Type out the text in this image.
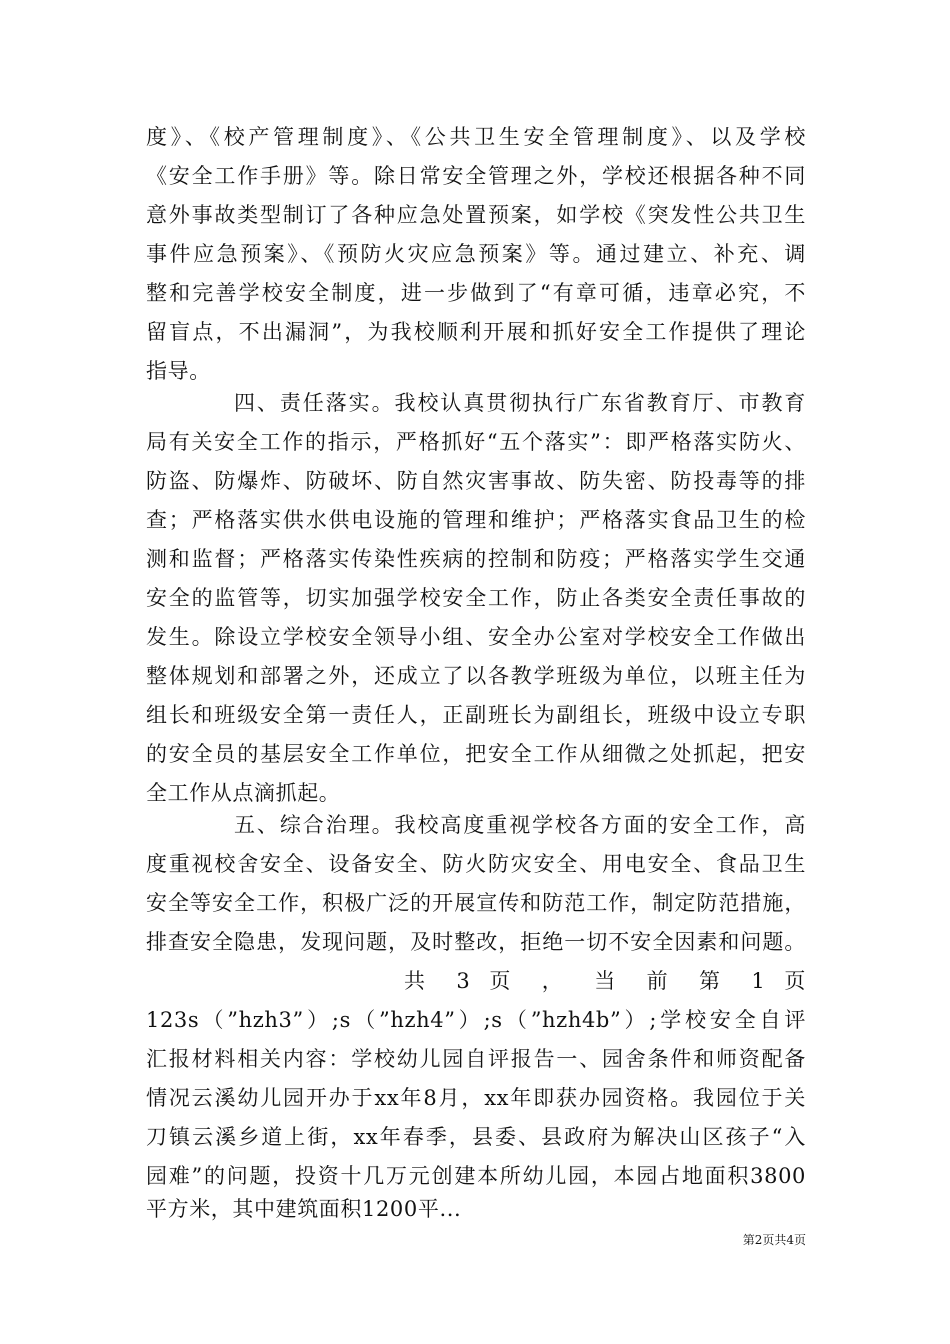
度》、《校产管理制度》、《公共卫生安全管理制度》、以及学校
《安全工作手册》等。除日常安全管理之外，学校还根据各种不同
意外事故类型制订了各种应急处置预案，如学校《突发性公共卫生
事件应急预案》、《预防火灾应急预案》等。通过建立、补充、调
整和完善学校安全制度，进一步做到了“有章可循，违章必究，不
留盲点，不出漏洞”，为我校顺利开展和抓好安全工作提供了理论
指导。
四、责任落实。我校认真贯彻执行广东省教育厅、市教育
局有关安全工作的指示，严格抓好“五个落实”：即严格落实防火、
防盗、防爆炸、防破坏、防自然灾害事故、防失密、防投毒等的排
查；严格落实供水供电设施的管理和维护；严格落实食品卫生的检
测和监督；严格落实传染性疾病的控制和防疫；严格落实学生交通
安全的监管等，切实加强学校安全工作，防止各类安全责任事故的
发生。除设立学校安全领导小组、安全办公室对学校安全工作做出
整体规划和部署之外，还成立了以各教学班级为单位，以班主任为
组长和班级安全第一责任人，正副班长为副组长，班级中设立专职
的安全员的基层安全工作单位，把安全工作从细微之处抓起，把安
全工作从点滴抓起。
五、综合治理。我校高度重视学校各方面的安全工作，高
度重视校舍安全、设备安全、防火防灾安全、用电安全、食品卫生
安全等安全工作，积极广泛的开展宣传和防范工作，制定防范措施，
排查安全隐患，发现问题，及时整改，拒绝一切不安全因素和问题。
共 3 页 ， 当 前 第 1 页
123s（”hzh3”）;s（”hzh4”）;s（”hzh4b”）;学校安全自评
汇报材料相关内容：学校幼儿园自评报告一、园舍条件和师资配备
情况云溪幼儿园开办于xx年8月，xx年即获办园资格。我园位于关
刀镇云溪乡道上街，xx年春季，县委、县政府为解决山区孩子“入
园难”的问题，投资十几万元创建本所幼儿园，本园占地面积3800
平方米，其中建筑面积1200平...
第2页共4页
